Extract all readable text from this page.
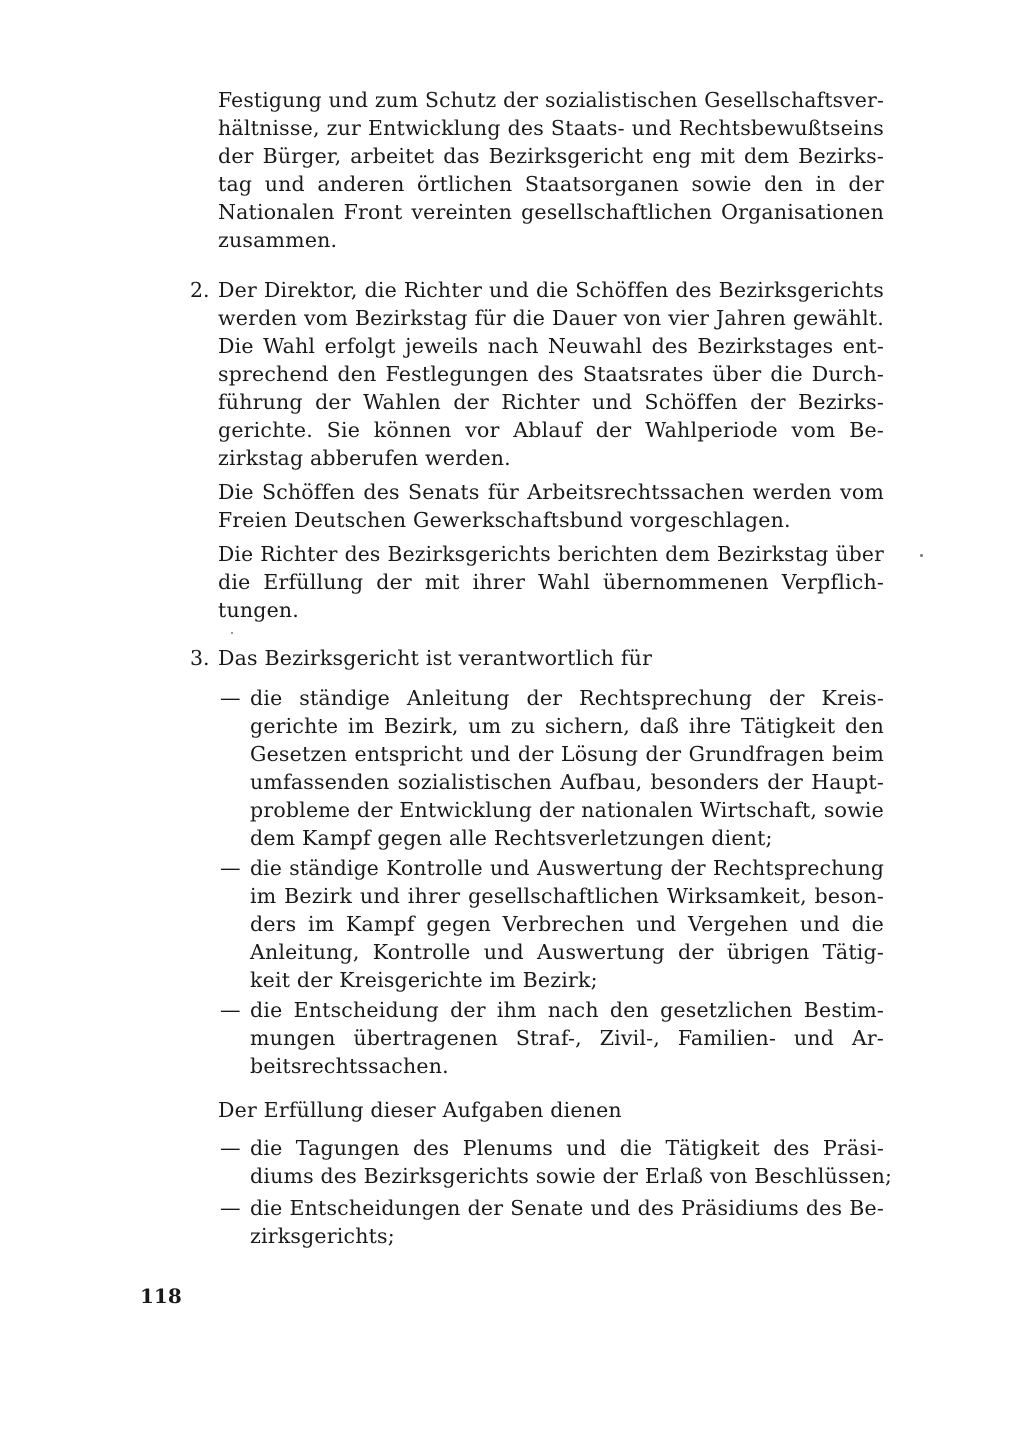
Festigung und zum Schutz der sozialistischen Gesellschaftsver-
hältnisse, zur Entwicklung des Staats- und Rechtsbewußtseins
der Bürger, arbeitet das Bezirksgericht eng mit dem Bezirks-
tag und anderen örtlichen Staatsorganen sowie den in der
Nationalen Front vereinten gesellschaftlichen Organisationen
zusammen.
2. Der Direktor, die Richter und die Schöffen des Bezirksgerichts
werden vom Bezirkstag für die Dauer von vier Jahren gewählt.
Die Wahl erfolgt jeweils nach Neuwahl des Bezirkstages ent-
sprechend den Festlegungen des Staatsrates über die Durch-
führung der Wahlen der Richter und Schöffen der Bezirks-
gerichte. Sie können vor Ablauf der Wahlperiode vom Be-
zirkstag abberufen werden.
Die Schöffen des Senats für Arbeitsrechtssachen werden vom
Freien Deutschen Gewerkschaftsbund vorgeschlagen.
Die Richter des Bezirksgerichts berichten dem Bezirkstag über
die Erfüllung der mit ihrer Wahl übernommenen Verpflich-
tungen.
3. Das Bezirksgericht ist verantwortlich für
— die ständige Anleitung der Rechtsprechung der Kreis-
gerichte im Bezirk, um zu sichern, daß ihre Tätigkeit den
Gesetzen entspricht und der Lösung der Grundfragen beim
umfassenden sozialistischen Aufbau, besonders der Haupt-
probleme der Entwicklung der nationalen Wirtschaft, sowie
dem Kampf gegen alle Rechtsverletzungen dient;
— die ständige Kontrolle und Auswertung der Rechtsprechung
im Bezirk und ihrer gesellschaftlichen Wirksamkeit, beson-
ders im Kampf gegen Verbrechen und Vergehen und die
Anleitung, Kontrolle und Auswertung der übrigen Tätig-
keit der Kreisgerichte im Bezirk;
— die Entscheidung der ihm nach den gesetzlichen Bestim-
mungen übertragenen Straf-, Zivil-, Familien- und Ar-
beitsrechtssachen.
Der Erfüllung dieser Aufgaben dienen
— die Tagungen des Plenums und die Tätigkeit des Präsi-
diums des Bezirksgerichts sowie der Erlaß von Beschlüssen;
— die Entscheidungen der Senate und des Präsidiums des Be-
zirksgerichts;
118
